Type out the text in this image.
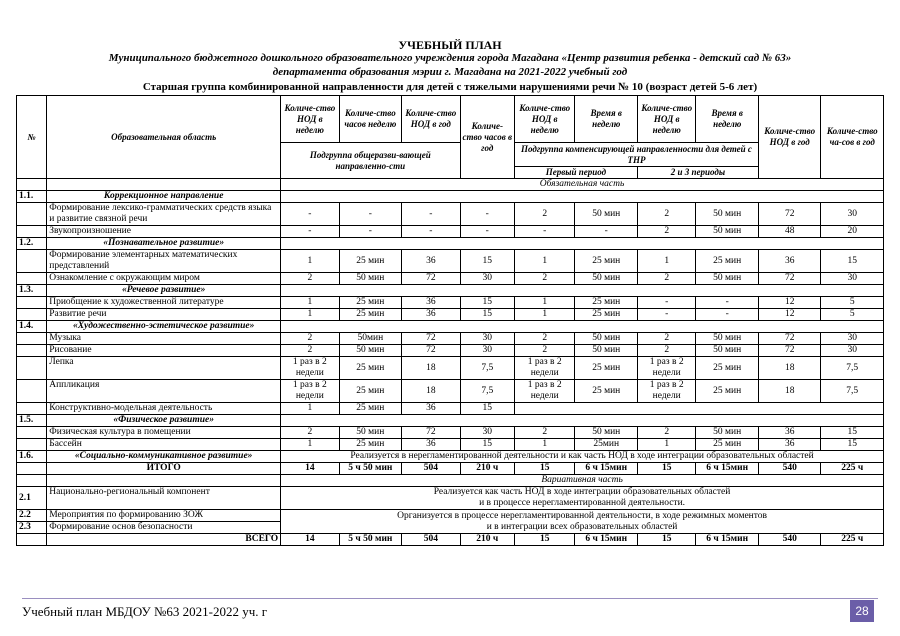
УЧЕБНЫЙ ПЛАН
Муниципального бюджетного дошкольного образовательного учреждения города Магадана «Центр развития ребенка - детский сад № 63»
департамента образования мэрии г. Магадана на 2021-2022 учебный год
Старшая группа комбинированной направленности для детей с тяжелыми нарушениями речи № 10 (возраст детей 5-6 лет)
№	Образовательная область	Количе-ство НОД в неделю	Количе-ство часов неделю	Количе-ство НОД в год	Количе-ство часов в год	Количе-ство НОД в неделю	Время в неделю	Количе-ство НОД в неделю	Время в неделю	Количе-ство НОД в год	Количе-ство ча-сов в год
		Подгруппа общеразви-вающей направленно-сти				Подгруппа компенсирующей направленности для детей с ТНР					
						Первый период		2 и 3 периоды			
		Обязательная часть									
1.1.	Коррекционное направление										
	Формирование лексико-грамматических средств языка и развитие связной речи	-	-	-	-	2	50 мин	2	50 мин	72	30
	Звукопроизношение	-	-	-	-	-	-	2	50 мин	48	20
1.2.	«Познавательное развитие»										
	Формирование элементарных математических представлений	1	25 мин	36	15	1	25 мин	1	25 мин	36	15
	Ознакомление с окружающим миром	2	50 мин	72	30	2	50 мин	2	50 мин	72	30
1.3.	«Речевое развитие»										
	Приобщение к художественной литературе	1	25 мин	36	15	1	25 мин	-	-	12	5
	Развитие речи	1	25 мин	36	15	1	25 мин	-	-	12	5
1.4.	«Художественно-эстетическое развитие»										
	Музыка	2	50мин	72	30	2	50 мин	2	50 мин	72	30
	Рисование	2	50 мин	72	30	2	50 мин	2	50 мин	72	30
	Лепка	1 раз в 2 недели	25 мин	18	7,5	1 раз в 2 недели	25 мин	1 раз в 2 недели	25 мин	18	7,5
	Аппликация	1 раз в 2 недели	25 мин	18	7,5	1 раз в 2 недели	25 мин	1 раз в 2 недели	25 мин	18	7,5
	Конструктивно-модельная деятельность	1	25 мин	36	15						
1.5.	«Физическое развитие»										
	Физическая культура в помещении	2	50 мин	72	30	2	50 мин	2	50 мин	36	15
	Бассейн	1	25 мин	36	15	1	25мин	1	25 мин	36	15
1.6.	«Социально-коммуникативное развитие»	Реализуется в нерегламентированной деятельности и как часть НОД в ходе интеграции образовательных областей									
	ИТОГО	14	5 ч 50 мин	504	210 ч	15	6 ч 15мин	15	6 ч 15мин	540	225 ч
		Вариативная часть									
2.1	Национально-региональный компонент	Реализуется как часть НОД в ходе интеграции образовательных областей
и в процессе нерегламентированной деятельности.									

2.2	Мероприятия по формированию ЗОЖ	Организуется в процессе нерегламентированной деятельности, в ходе режимных моментов
и в интеграции всех образовательных областей									

2.3	Формирование основ безопасности										
	ВСЕГО	14	5 ч 50 мин	504	210 ч	15	6 ч 15мин	15	6 ч 15мин	540	225 ч
Учебный план МБДОУ №63 2021-2022 уч. г	28
